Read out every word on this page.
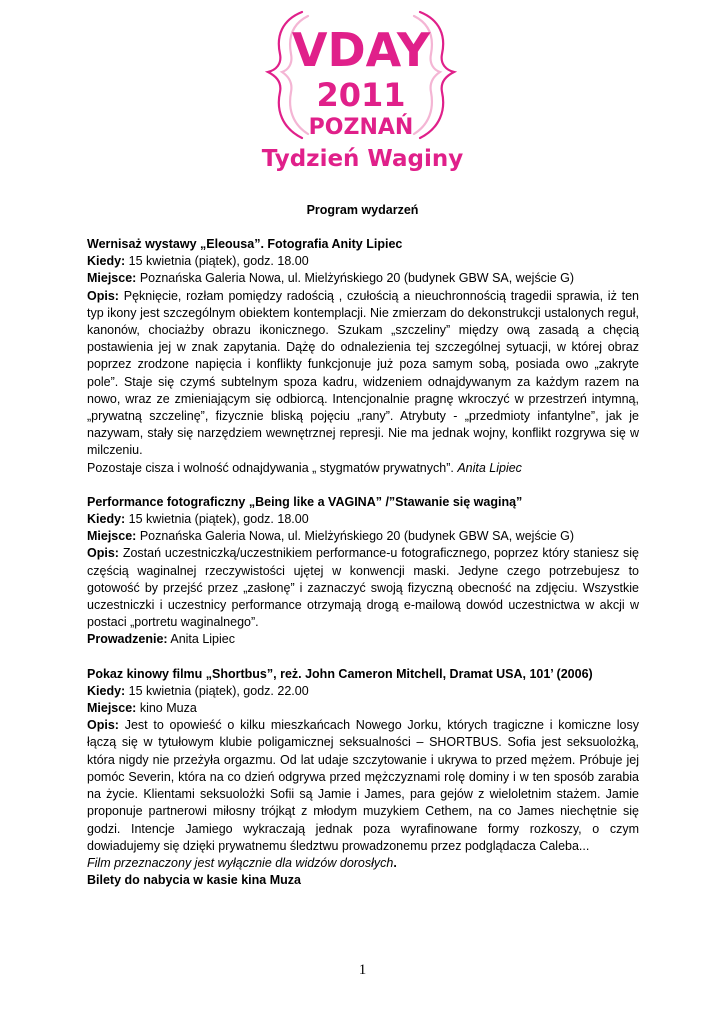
VDAY
2011
POZNAŃ
Tydzień Waginy
Program wydarzeń

Wernisaż wystawy „Eleousa”. Fotografia Anity Lipiec

Kiedy: 15 kwietnia (piątek), godz. 18.00

Miejsce: Poznańska Galeria Nowa, ul. Mielżyńskiego 20 (budynek GBW SA, wejście G)

Opis: Pęknięcie, rozłam pomiędzy radością , czułością a nieuchronnością tragedii sprawia, iż ten typ ikony jest szczególnym obiektem kontemplacji. Nie zmierzam do dekonstrukcji ustalonych reguł, kanonów, chociażby obrazu ikonicznego. Szukam „szczeliny” między ową zasadą a chęcią postawienia jej w znak zapytania. Dążę do odnalezienia tej szczególnej sytuacji, w której obraz poprzez zrodzone napięcia i konflikty funkcjonuje już poza samym sobą, posiada owo „zakryte pole”. Staje się czymś subtelnym spoza kadru, widzeniem odnajdywanym za każdym razem na nowo, wraz ze zmieniającym się odbiorcą. Intencjonalnie pragnę wkroczyć w przestrzeń intymną, „prywatną szczelinę”, fizycznie bliską pojęciu „rany”. Atrybuty - „przedmioty infantylne”, jak je nazywam, stały się narzędziem wewnętrznej represji. Nie ma jednak wojny, konflikt rozgrywa się w milczeniu.

Pozostaje cisza i wolność odnajdywania „ stygmatów prywatnych”. Anita Lipiec

Performance fotograficzny „Being like a VAGINA” /”Stawanie się waginą”

Kiedy: 15 kwietnia (piątek), godz. 18.00

Miejsce: Poznańska Galeria Nowa, ul. Mielżyńskiego 20 (budynek GBW SA, wejście G)

Opis: Zostań uczestniczką/uczestnikiem performance-u fotograficznego, poprzez który staniesz się częścią waginalnej rzeczywistości ujętej w konwencji maski. Jedyne czego potrzebujesz to gotowość by przejść przez „zasłonę” i zaznaczyć swoją fizyczną obecność na zdjęciu. Wszystkie uczestniczki i uczestnicy performance otrzymają drogą e-mailową dowód uczestnictwa w akcji w postaci „portretu waginalnego”.

Prowadzenie: Anita Lipiec

Pokaz kinowy filmu „Shortbus”, reż. John Cameron Mitchell, Dramat USA, 101’ (2006)

Kiedy: 15 kwietnia (piątek), godz. 22.00

Miejsce: kino Muza

Opis: Jest to opowieść o kilku mieszkańcach Nowego Jorku, których tragiczne i komiczne losy łączą się w tytułowym klubie poligamicznej seksualności – SHORTBUS. Sofia jest seksuolożką, która nigdy nie przeżyła orgazmu. Od lat udaje szczytowanie i ukrywa to przed mężem. Próbuje jej pomóc Severin, która na co dzień odgrywa przed mężczyznami rolę dominy i w ten sposób zarabia na życie. Klientami seksuolożki Sofii są Jamie i James, para gejów z wieloletnim stażem. Jamie proponuje partnerowi miłosny trójkąt z młodym muzykiem Cethem, na co James niechętnie się godzi. Intencje Jamiego wykraczają jednak poza wyrafinowane formy rozkoszy, o czym dowiadujemy się dzięki prywatnemu śledztwu prowadzonemu przez podglądacza Caleba...

Film przeznaczony jest wyłącznie dla widzów dorosłych.

Bilety do nabycia w kasie kina Muza

1
